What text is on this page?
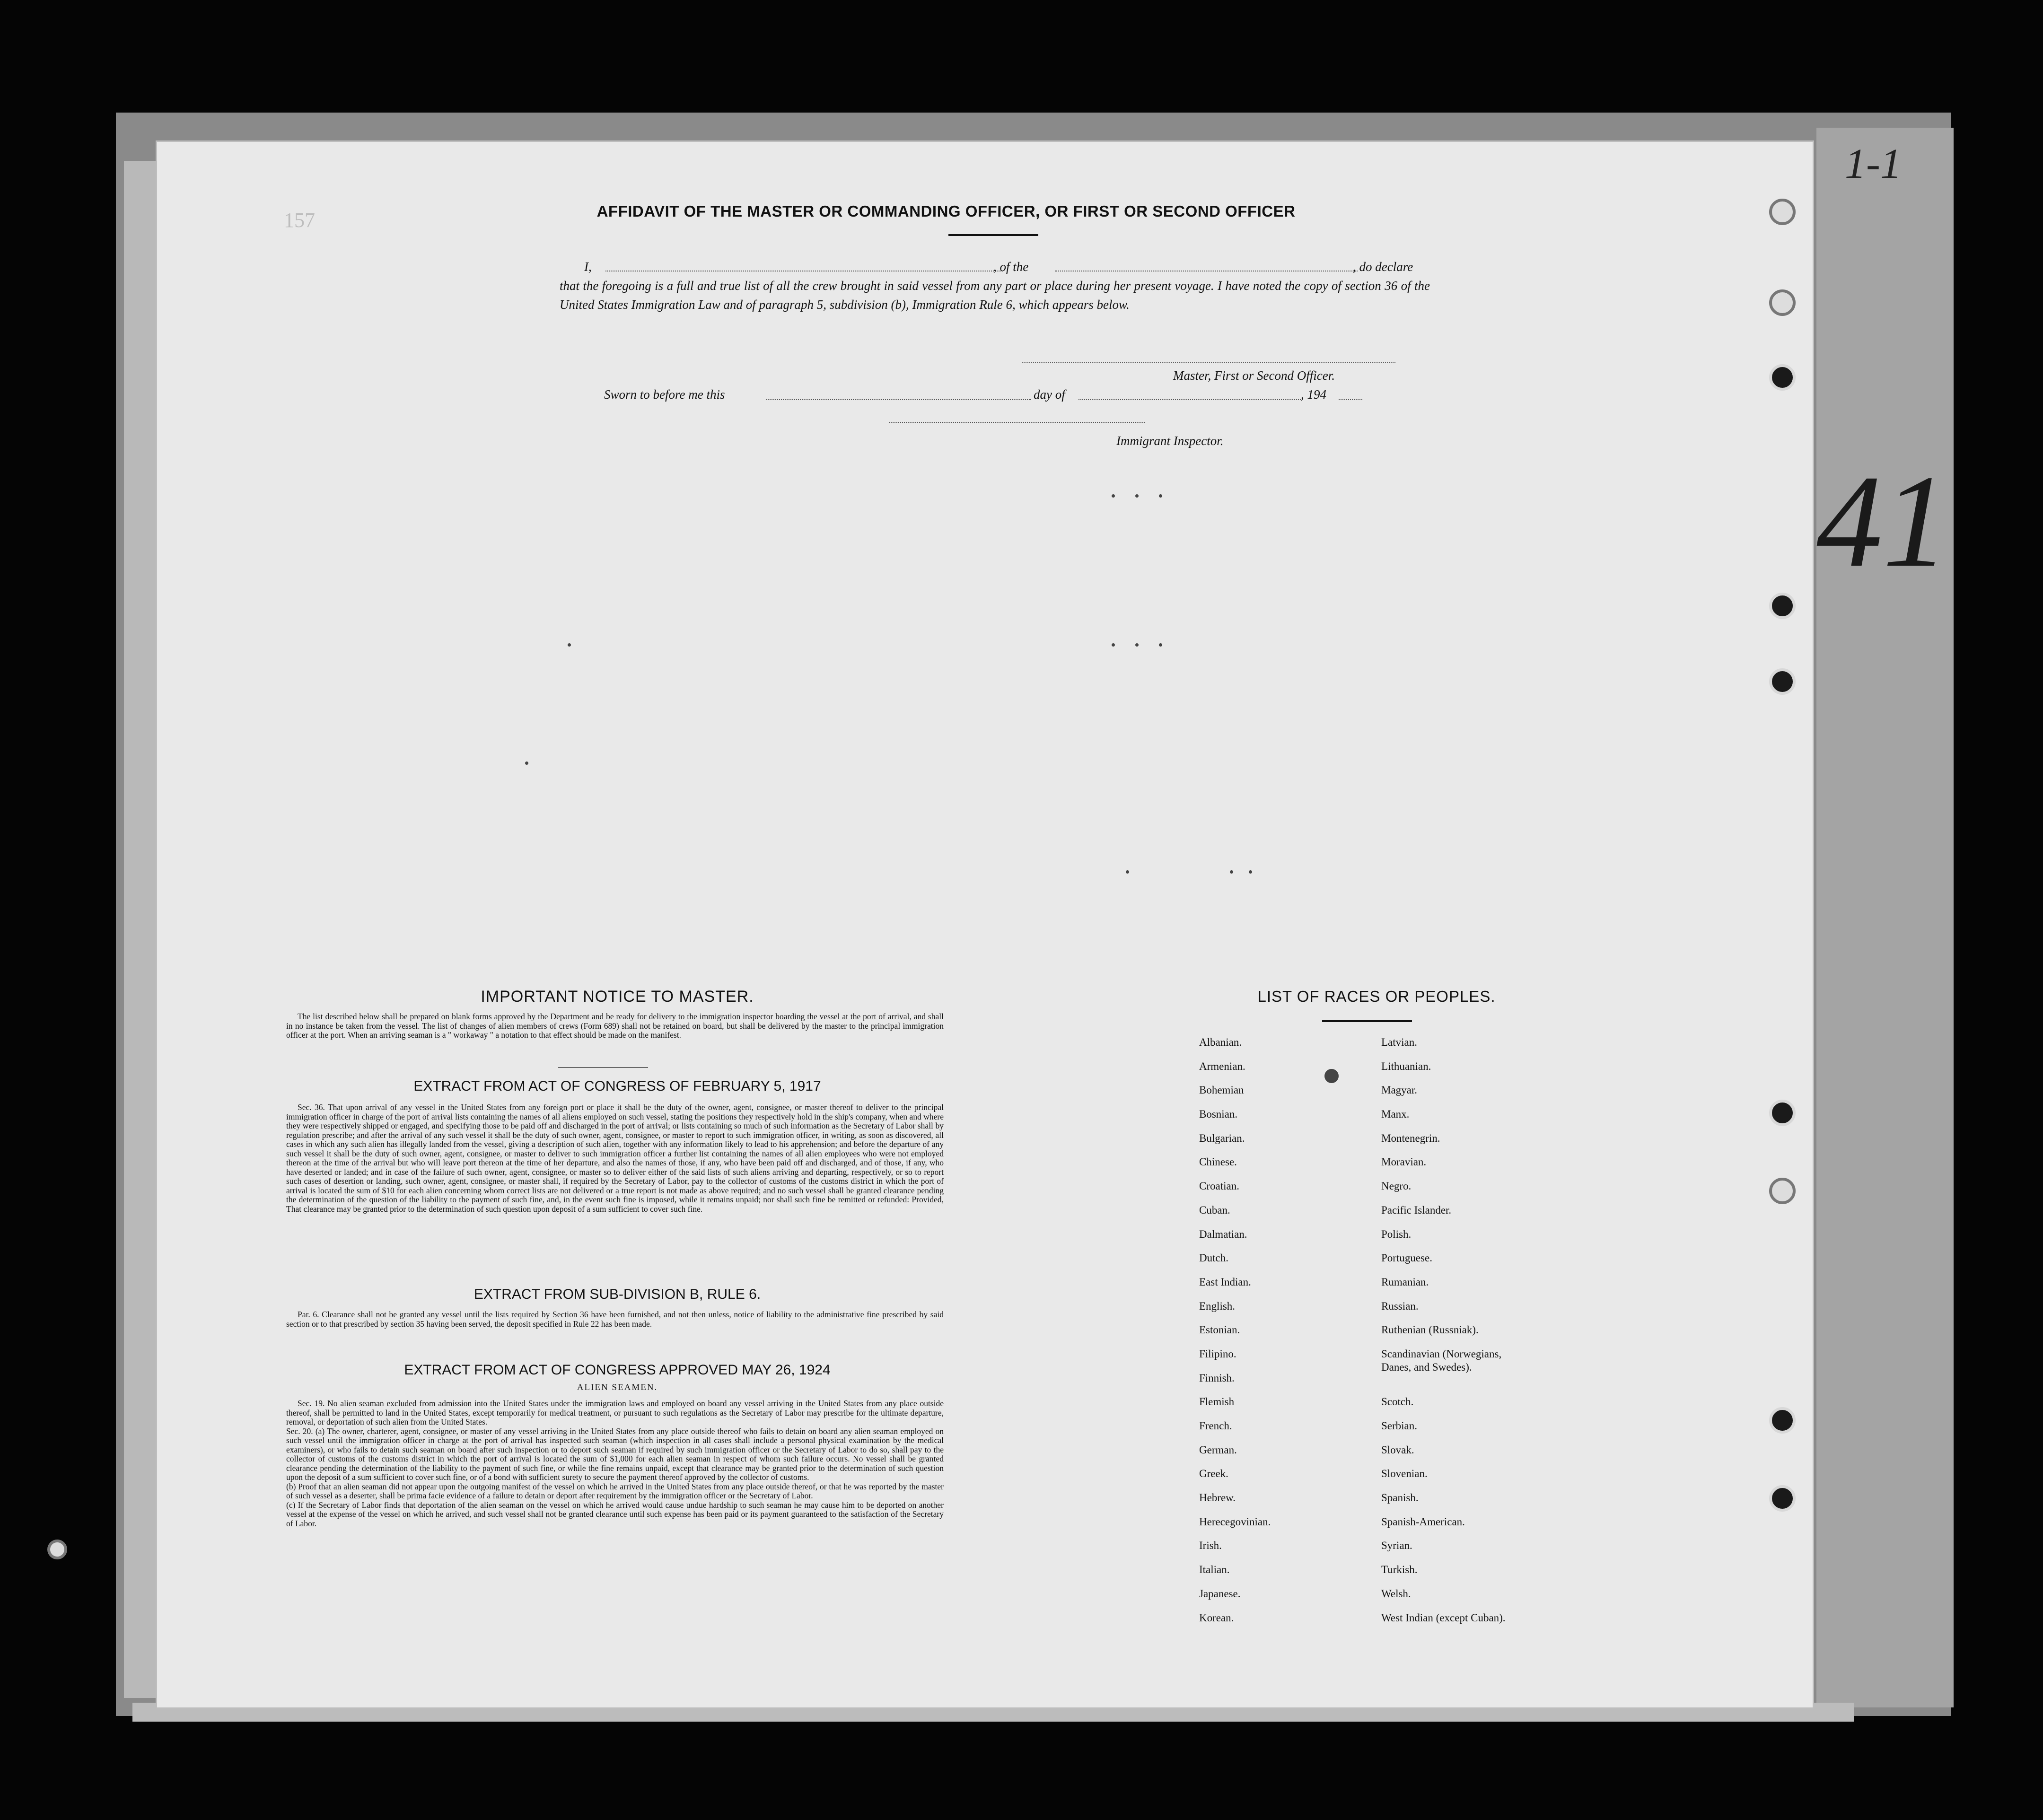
1-1
41
157	AFFIDAVIT OF THE MASTER OR COMMANDING OFFICER, OR FIRST OR SECOND OFFICER
I,	, of the	, do declare
that the foregoing is a full and true list of all the crew brought in said vessel from any part or place during her present voyage. I have noted the copy of section 36 of the United States Immigration Law and of paragraph 5, subdivision (b), Immigration Rule 6, which appears below.
Master, First or Second Officer.
Sworn to before me this	day of	, 194
Immigrant Inspector.
IMPORTANT NOTICE TO MASTER.
The list described below shall be prepared on blank forms approved by the Department and be ready for delivery to the immigration inspector boarding the vessel at the port of arrival, and shall in no instance be taken from the vessel. The list of changes of alien members of crews (Form 689) shall not be retained on board, but shall be delivered by the master to the principal immigration officer at the port. When an arriving seaman is a " workaway " a notation to that effect should be made on the manifest.
EXTRACT FROM ACT OF CONGRESS OF FEBRUARY 5, 1917
Sec. 36. That upon arrival of any vessel in the United States from any foreign port or place it shall be the duty of the owner, agent, consignee, or master thereof to deliver to the principal immigration officer in charge of the port of arrival lists containing the names of all aliens employed on such vessel, stating the positions they respectively hold in the ship's company, when and where they were respectively shipped or engaged, and specifying those to be paid off and discharged in the port of arrival; or lists containing so much of such information as the Secretary of Labor shall by regulation prescribe; and after the arrival of any such vessel it shall be the duty of such owner, agent, consignee, or master to report to such immigration officer, in writing, as soon as discovered, all cases in which any such alien has illegally landed from the vessel, giving a description of such alien, together with any information likely to lead to his apprehension; and before the departure of any such vessel it shall be the duty of such owner, agent, consignee, or master to deliver to such immigration officer a further list containing the names of all alien employees who were not employed thereon at the time of the arrival but who will leave port thereon at the time of her departure, and also the names of those, if any, who have been paid off and discharged, and of those, if any, who have deserted or landed; and in case of the failure of such owner, agent, consignee, or master so to deliver either of the said lists of such aliens arriving and departing, respectively, or so to report such cases of desertion or landing, such owner, agent, consignee, or master shall, if required by the Secretary of Labor, pay to the collector of customs of the customs district in which the port of arrival is located the sum of $10 for each alien concerning whom correct lists are not delivered or a true report is not made as above required; and no such vessel shall be granted clearance pending the determination of the question of the liability to the payment of such fine, and, in the event such fine is imposed, while it remains unpaid; nor shall such fine be remitted or refunded: Provided, That clearance may be granted prior to the determination of such question upon deposit of a sum sufficient to cover such fine.
EXTRACT FROM SUB-DIVISION B, RULE 6.
Par. 6. Clearance shall not be granted any vessel until the lists required by Section 36 have been furnished, and not then unless, notice of liability to the administrative fine prescribed by said section or to that prescribed by section 35 having been served, the deposit specified in Rule 22 has been made.
EXTRACT FROM ACT OF CONGRESS APPROVED MAY 26, 1924
ALIEN SEAMEN.
Sec. 19. No alien seaman excluded from admission into the United States under the immigration laws and employed on board any vessel arriving in the United States from any place outside thereof, shall be permitted to land in the United States, except temporarily for medical treatment, or pursuant to such regulations as the Secretary of Labor may prescribe for the ultimate departure, removal, or deportation of such alien from the United States.
Sec. 20. (a) The owner, charterer, agent, consignee, or master of any vessel arriving in the United States from any place outside thereof who fails to detain on board any alien seaman employed on such vessel until the immigration officer in charge at the port of arrival has inspected such seaman (which inspection in all cases shall include a personal physical examination by the medical examiners), or who fails to detain such seaman on board after such inspection or to deport such seaman if required by such immigration officer or the Secretary of Labor to do so, shall pay to the collector of customs of the customs district in which the port of arrival is located the sum of $1,000 for each alien seaman in respect of whom such failure occurs. No vessel shall be granted clearance pending the determination of the liability to the payment of such fine, or while the fine remains unpaid, except that clearance may be granted prior to the determination of such question upon the deposit of a sum sufficient to cover such fine, or of a bond with sufficient surety to secure the payment thereof approved by the collector of customs.
(b) Proof that an alien seaman did not appear upon the outgoing manifest of the vessel on which he arrived in the United States from any place outside thereof, or that he was reported by the master of such vessel as a deserter, shall be prima facie evidence of a failure to detain or deport after requirement by the immigration officer or the Secretary of Labor.
(c) If the Secretary of Labor finds that deportation of the alien seaman on the vessel on which he arrived would cause undue hardship to such seaman he may cause him to be deported on another vessel at the expense of the vessel on which he arrived, and such vessel shall not be granted clearance until such expense has been paid or its payment guaranteed to the satisfaction of the Secretary of Labor.
LIST OF RACES OR PEOPLES.
Albanian.
Armenian.
Bohemian
Bosnian.
Bulgarian.
Chinese.
Croatian.
Cuban.
Dalmatian.
Dutch.
East Indian.
English.
Estonian.
Filipino.
Finnish.
Flemish
French.
German.
Greek.
Hebrew.
Herecegovinian.
Irish.
Italian.
Japanese.
Korean.
Latvian.
Lithuanian.
Magyar.
Manx.
Montenegrin.
Moravian.
Negro.
Pacific Islander.
Polish.
Portuguese.
Rumanian.
Russian.
Ruthenian (Russniak).
Scandinavian (Norwegians,
Danes, and Swedes).
Scotch.
Serbian.
Slovak.
Slovenian.
Spanish.
Spanish-American.
Syrian.
Turkish.
Welsh.
West Indian (except Cuban).
